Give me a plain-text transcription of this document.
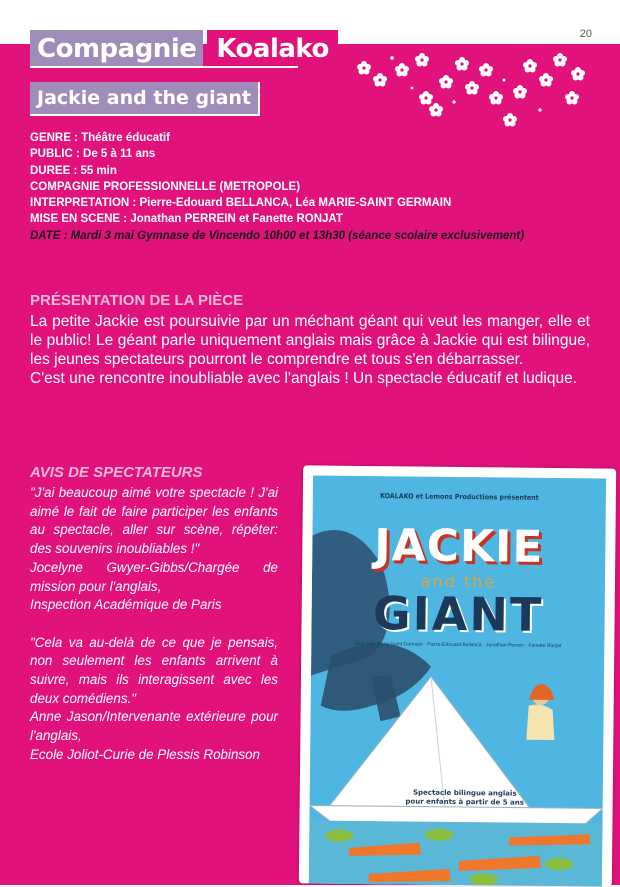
20
Compagnie Koalako
Jackie and the giant
GENRE : Théâtre éducatif
PUBLIC : De 5 à 11 ans
DUREE : 55 min
COMPAGNIE PROFESSIONNELLE (METROPOLE)
INTERPRETATION : Pierre-Edouard BELLANCA, Léa MARIE-SAINT GERMAIN
MISE EN SCENE : Jonathan PERREIN et Fanette RONJAT
DATE : Mardi 3 mai Gymnase de Vincendo 10h00 et 13h30 (séance scolaire exclusivement)
PRÉSENTATION DE LA PIÈCE
La petite Jackie est poursuivie par un méchant géant qui veut les manger, elle et le public! Le géant parle uniquement anglais mais grâce à Jackie qui est bilingue, les jeunes spectateurs pourront le comprendre et tous s'en débarrasser.
C'est une rencontre inoubliable avec l'anglais ! Un spectacle éducatif et ludique.
AVIS DE SPECTATEURS

"J'ai beaucoup aimé votre spectacle ! J'ai aimé le fait de faire participer les enfants au spectacle, aller sur scène, répéter: des souvenirs inoubliables !"
Jocelyne Gwyer-Gibbs/Chargée de mission pour l'anglais,
Inspection Académique de Paris

"Cela va au-delà de ce que je pensais, non seulement les enfants arrivent à suivre, mais ils interagissent avec les deux comédiens."
Anne Jason/Intervenante extérieure pour l'anglais,
Ecole Joliot-Curie de Plessis Robinson

KOALAKO et Lemons Productions présentent
JACKIE
and the
GIANT
Avec Léa Marie-Saint Germain · Pierre-Edouard Bellanca · Jonathan Perrein · Fanette Ronjat
Spectacle bilingue anglais pour enfants à partir de 5 ans
